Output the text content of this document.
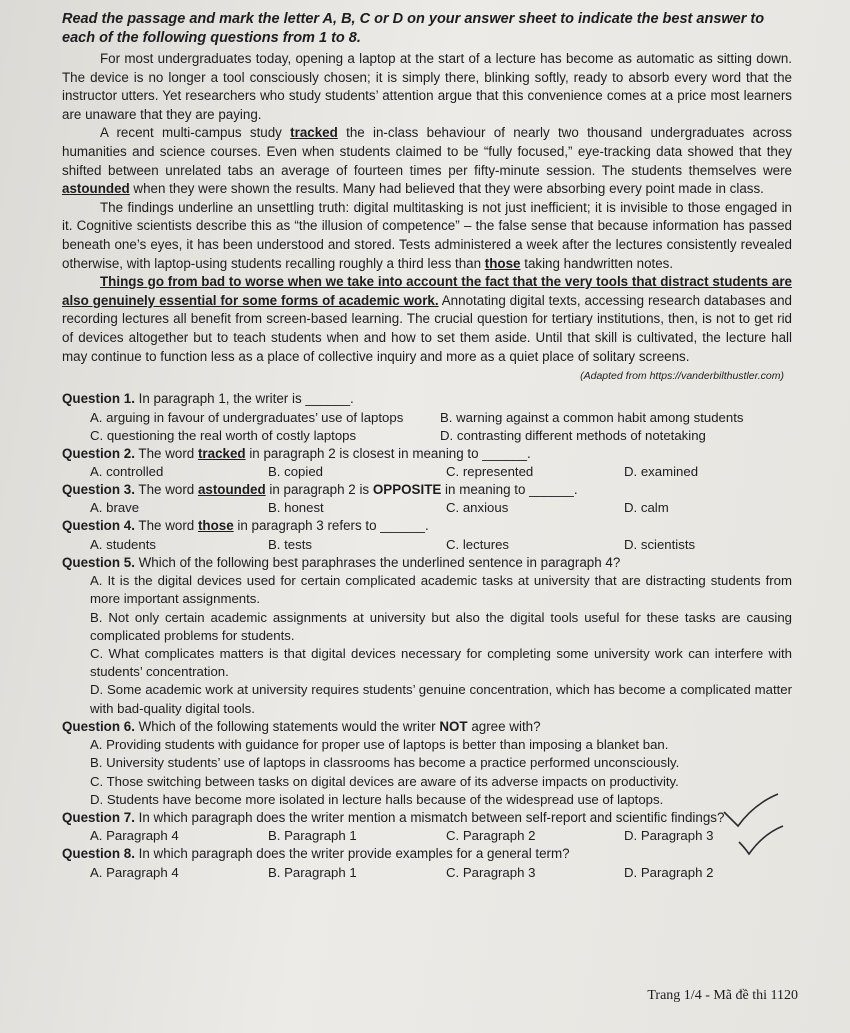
Read the passage and mark the letter A, B, C or D on your answer sheet to indicate the best answer to each of the following questions from 1 to 8.

For most undergraduates today, opening a laptop at the start of a lecture has become as automatic as sitting down. The device is no longer a tool consciously chosen; it is simply there, blinking softly, ready to absorb every word that the instructor utters. Yet researchers who study students’ attention argue that this convenience comes at a price most learners are unaware that they are paying.

A recent multi-campus study tracked the in-class behaviour of nearly two thousand undergraduates across humanities and science courses. Even when students claimed to be “fully focused,” eye-tracking data showed that they shifted between unrelated tabs an average of fourteen times per fifty-minute session. The students themselves were astounded when they were shown the results. Many had believed that they were absorbing every point made in class.

The findings underline an unsettling truth: digital multitasking is not just inefficient; it is invisible to those engaged in it. Cognitive scientists describe this as “the illusion of competence” – the false sense that because information has passed beneath one’s eyes, it has been understood and stored. Tests administered a week after the lectures consistently revealed otherwise, with laptop-using students recalling roughly a third less than those taking handwritten notes.

Things go from bad to worse when we take into account the fact that the very tools that distract students are also genuinely essential for some forms of academic work. Annotating digital texts, accessing research databases and recording lectures all benefit from screen-based learning. The crucial question for tertiary institutions, then, is not to get rid of devices altogether but to teach students when and how to set them aside. Until that skill is cultivated, the lecture hall may continue to function less as a place of collective inquiry and more as a quiet place of solitary screens.

(Adapted from https://vanderbilthustler.com)

Question 1. In paragraph 1, the writer is ______.

A. arguing in favour of undergraduates’ use of laptops	B. warning against a common habit among students
C. questioning the real worth of costly laptops	D. contrasting different methods of notetaking

Question 2. The word tracked in paragraph 2 is closest in meaning to ______.

A. controlled	B. copied	C. represented	D. examined

Question 3. The word astounded in paragraph 2 is OPPOSITE in meaning to ______.

A. brave	B. honest	C. anxious	D. calm

Question 4. The word those in paragraph 3 refers to ______.

A. students	B. tests	C. lectures	D. scientists

Question 5. Which of the following best paraphrases the underlined sentence in paragraph 4?

A. It is the digital devices used for certain complicated academic tasks at university that are distracting students from more important assignments.

B. Not only certain academic assignments at university but also the digital tools useful for these tasks are causing complicated problems for students.

C. What complicates matters is that digital devices necessary for completing some university work can interfere with students’ concentration.

D. Some academic work at university requires students’ genuine concentration, which has become a complicated matter with bad-quality digital tools.

Question 6. Which of the following statements would the writer NOT agree with?

A. Providing students with guidance for proper use of laptops is better than imposing a blanket ban.

B. University students’ use of laptops in classrooms has become a practice performed unconsciously.

C. Those switching between tasks on digital devices are aware of its adverse impacts on productivity.

D. Students have become more isolated in lecture halls because of the widespread use of laptops.

Question 7. In which paragraph does the writer mention a mismatch between self-report and scientific findings?

A. Paragraph 4	B. Paragraph 1	C. Paragraph 2	D. Paragraph 3

Question 8. In which paragraph does the writer provide examples for a general term?

A. Paragraph 4	B. Paragraph 1	C. Paragraph 3	D. Paragraph 2
Trang 1/4 - Mã đề thi 1120
